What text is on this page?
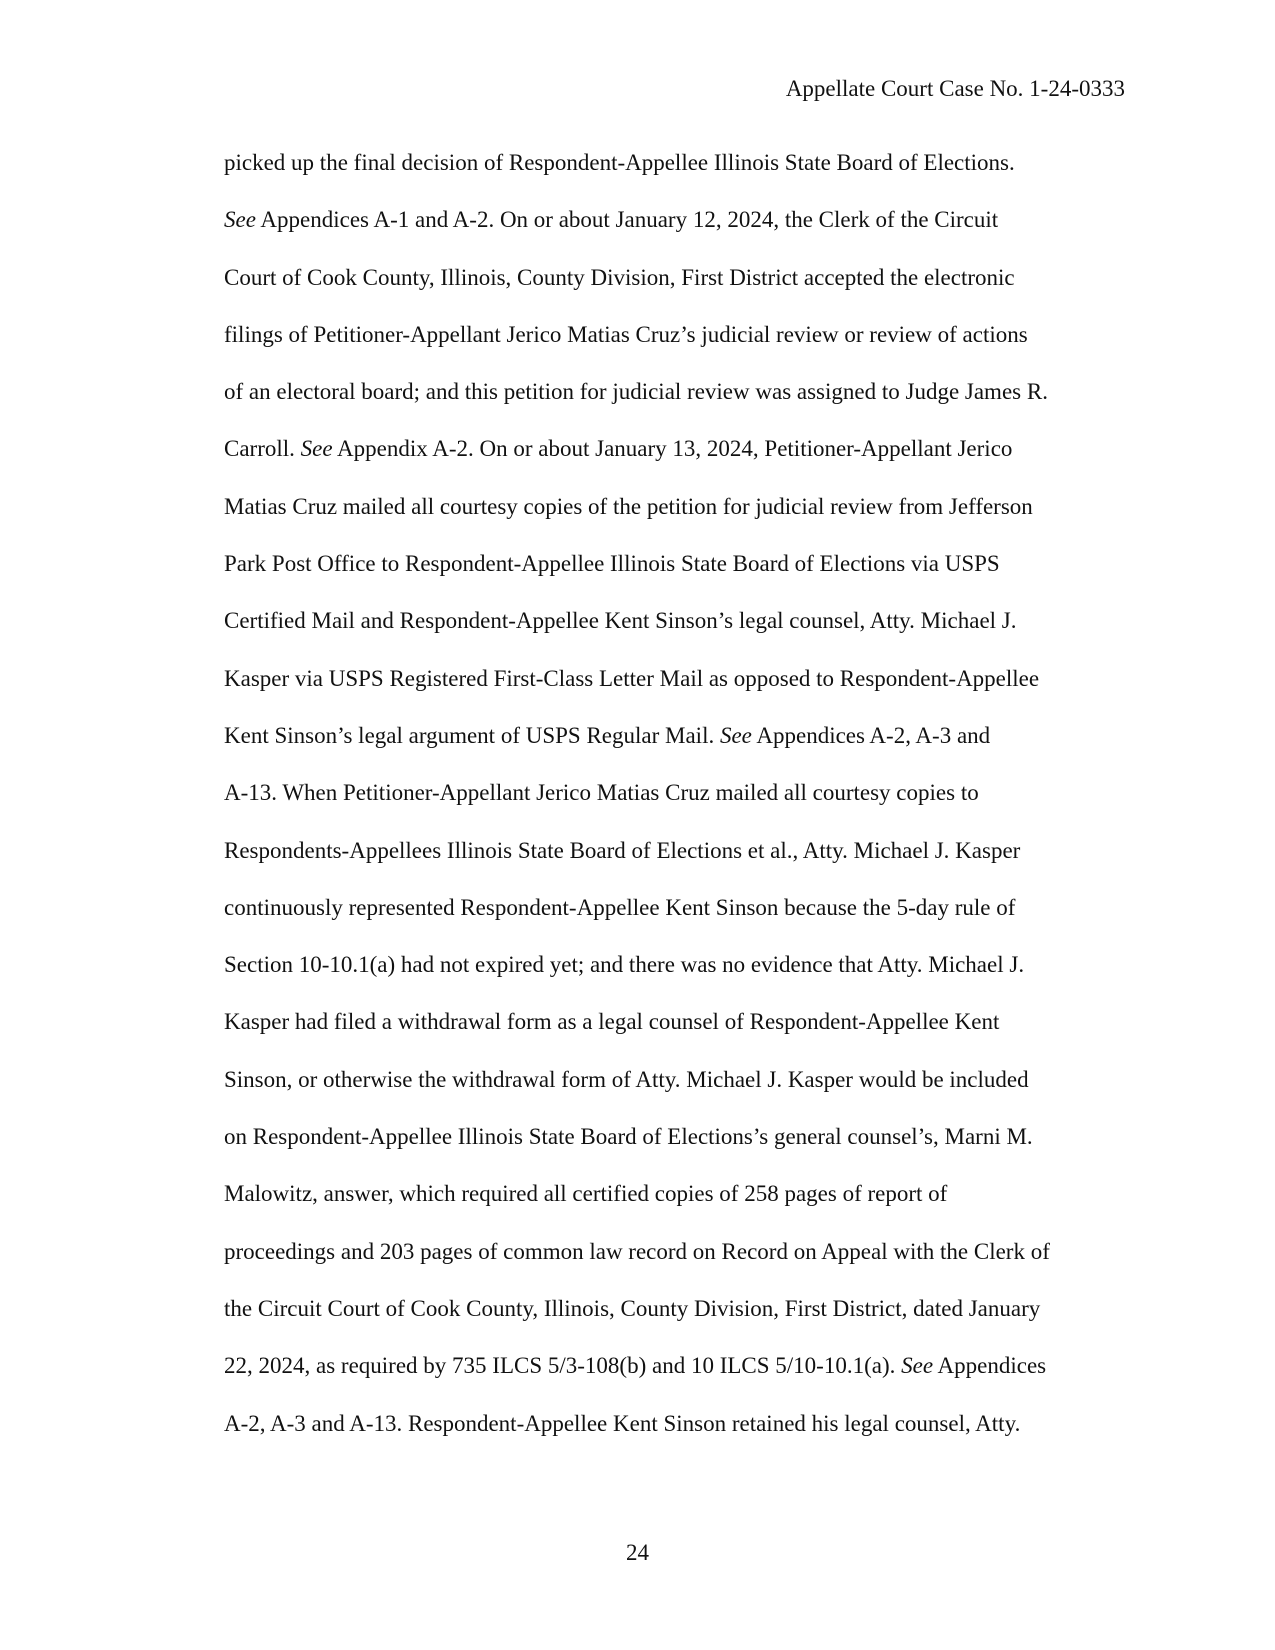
Appellate Court Case No. 1-24-0333
picked up the final decision of Respondent-Appellee Illinois State Board of Elections.
See Appendices A-1 and A-2. On or about January 12, 2024, the Clerk of the Circuit
Court of Cook County, Illinois, County Division, First District accepted the electronic
filings of Petitioner-Appellant Jerico Matias Cruz’s judicial review or review of actions
of an electoral board; and this petition for judicial review was assigned to Judge James R.
Carroll. See Appendix A-2. On or about January 13, 2024, Petitioner-Appellant Jerico
Matias Cruz mailed all courtesy copies of the petition for judicial review from Jefferson
Park Post Office to Respondent-Appellee Illinois State Board of Elections via USPS
Certified Mail and Respondent-Appellee Kent Sinson’s legal counsel, Atty. Michael J.
Kasper via USPS Registered First-Class Letter Mail as opposed to Respondent-Appellee
Kent Sinson’s legal argument of USPS Regular Mail. See Appendices A-2, A-3 and
A-13. When Petitioner-Appellant Jerico Matias Cruz mailed all courtesy copies to
Respondents-Appellees Illinois State Board of Elections et al., Atty. Michael J. Kasper
continuously represented Respondent-Appellee Kent Sinson because the 5-day rule of
Section 10-10.1(a) had not expired yet; and there was no evidence that Atty. Michael J.
Kasper had filed a withdrawal form as a legal counsel of Respondent-Appellee Kent
Sinson, or otherwise the withdrawal form of Atty. Michael J. Kasper would be included
on Respondent-Appellee Illinois State Board of Elections’s general counsel’s, Marni M.
Malowitz, answer, which required all certified copies of 258 pages of report of
proceedings and 203 pages of common law record on Record on Appeal with the Clerk of
the Circuit Court of Cook County, Illinois, County Division, First District, dated January
22, 2024, as required by 735 ILCS 5/3-108(b) and 10 ILCS 5/10-10.1(a). See Appendices
A-2, A-3 and A-13. Respondent-Appellee Kent Sinson retained his legal counsel, Atty.
24
